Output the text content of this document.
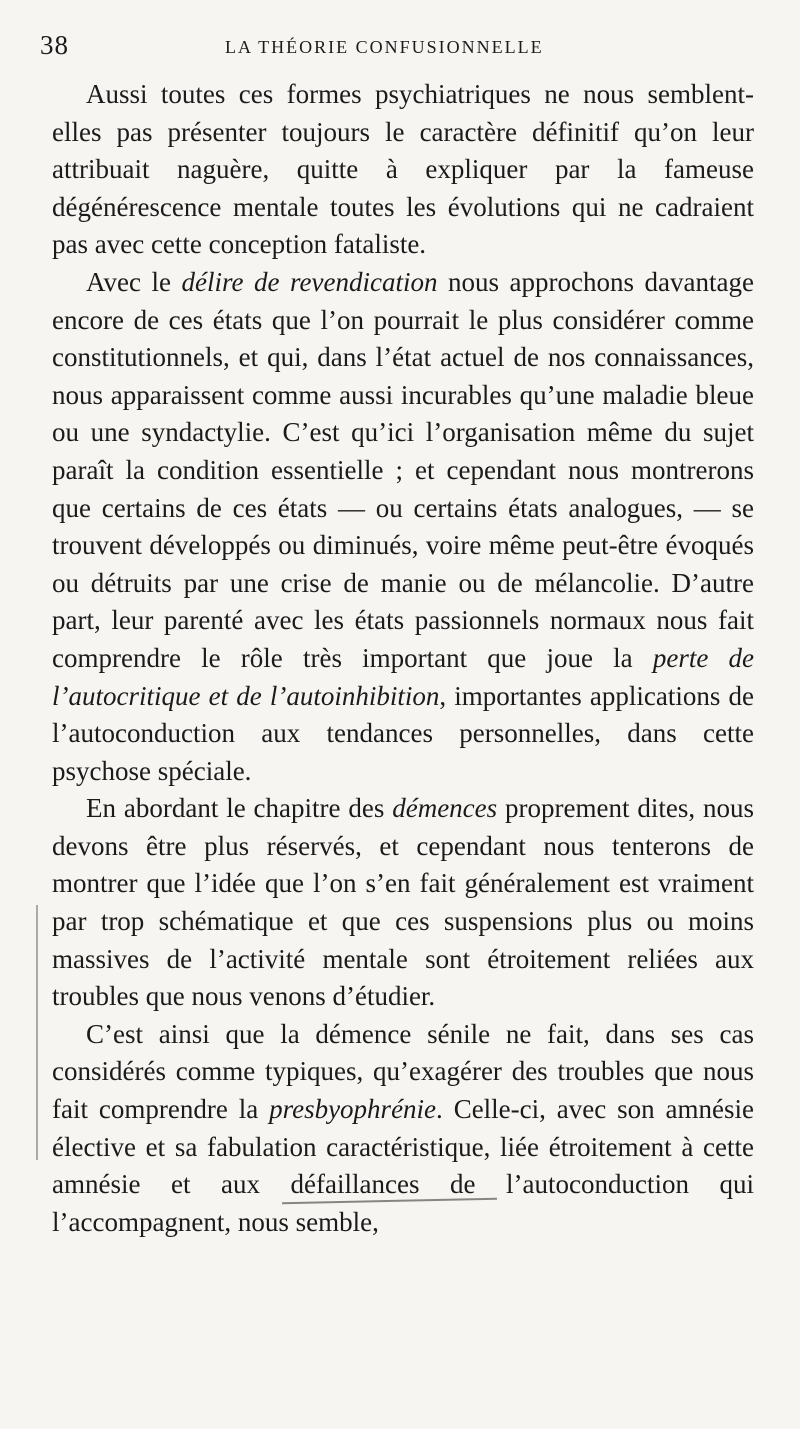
38	LA THÉORIE CONFUSIONNELLE

Aussi toutes ces formes psychiatriques ne nous semblent-elles pas présenter toujours le caractère définitif qu’on leur attribuait naguère, quitte à expliquer par la fameuse dégénérescence mentale toutes les évolutions qui ne cadraient pas avec cette conception fataliste.

Avec le délire de revendication nous approchons davantage encore de ces états que l’on pourrait le plus considérer comme constitutionnels, et qui, dans l’état actuel de nos connaissances, nous apparaissent comme aussi incurables qu’une maladie bleue ou une syndactylie. C’est qu’ici l’organisation même du sujet paraît la condition essentielle ; et cependant nous montrerons que certains de ces états — ou certains états analogues, — se trouvent développés ou diminués, voire même peut-être évoqués ou détruits par une crise de manie ou de mélancolie. D’autre part, leur parenté avec les états passionnels normaux nous fait comprendre le rôle très important que joue la perte de l’autocritique et de l’autoinhibition, importantes applications de l’autoconduction aux tendances personnelles, dans cette psychose spéciale.

En abordant le chapitre des démences proprement dites, nous devons être plus réservés, et cependant nous tenterons de montrer que l’idée que l’on s’en fait généralement est vraiment par trop schématique et que ces suspensions plus ou moins massives de l’activité mentale sont étroitement reliées aux troubles que nous venons d’étudier.

C’est ainsi que la démence sénile ne fait, dans ses cas considérés comme typiques, qu’exagérer des troubles que nous fait comprendre la presbyophrénie. Celle-ci, avec son amnésie élective et sa fabulation caractéristique, liée étroitement à cette amnésie et aux défaillances de l’autoconduction qui l’accompagnent, nous semble,
